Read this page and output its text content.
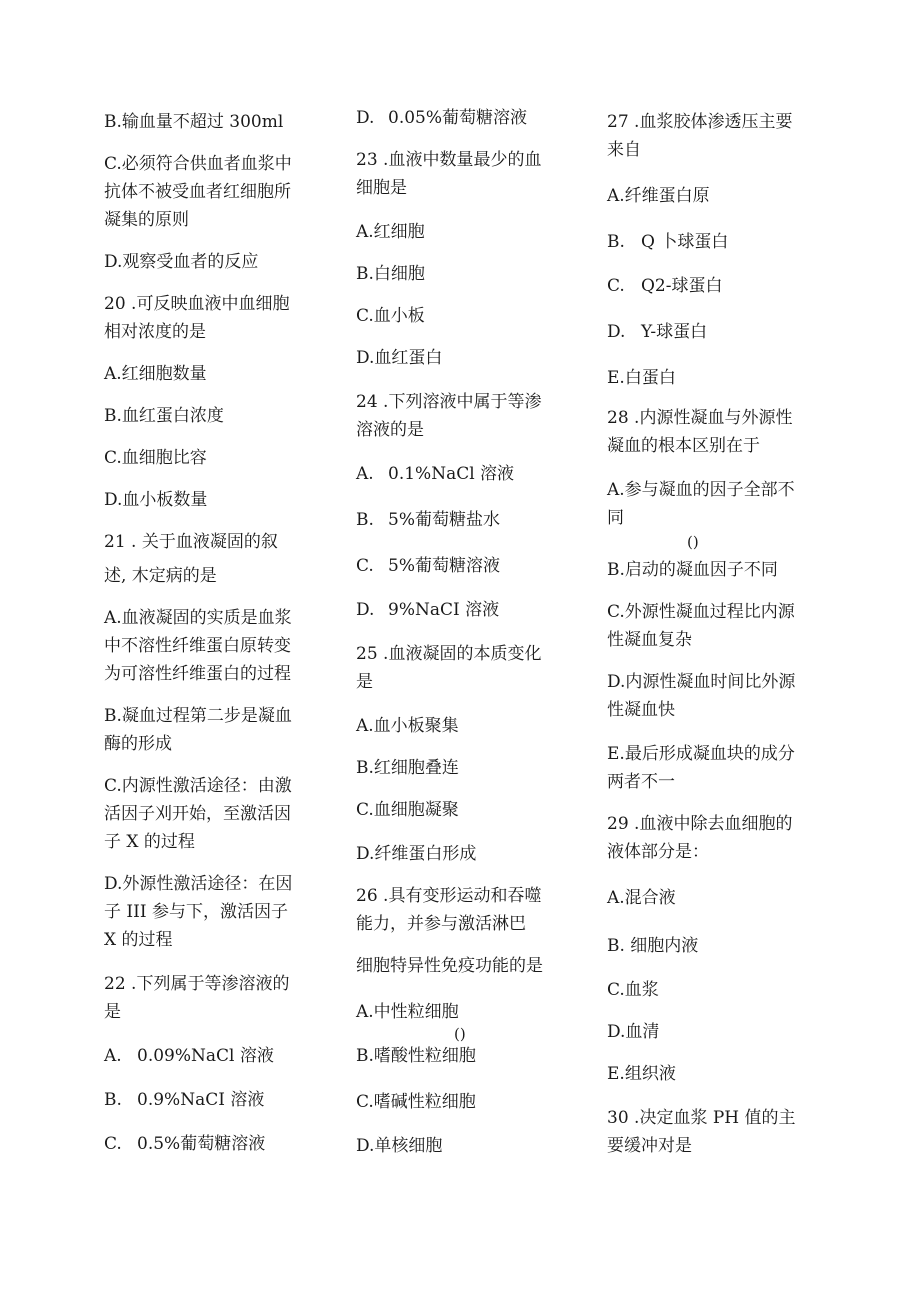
B.输血量不超过 300ml
C.必须符合供血者血浆中
抗体不被受血者红细胞所
凝集的原则
D.观察受血者的反应
20 .可反映血液中血细胞
相对浓度的是
A.红细胞数量
B.血红蛋白浓度
C.血细胞比容
D.血小板数量
21 . 关于血液凝固的叙
述, 木定病的是
A.血液凝固的实质是血浆
中不溶性纤维蛋白原转变
为可溶性纤维蛋白的过程
B.凝血过程第二步是凝血
酶的形成
C.内源性激活途径：由激
活因子刈开始，至激活因
子 X 的过程
D.外源性激活途径：在因
子 III 参与下，激活因子
X 的过程
22 .下列属于等渗溶液的
是
A. 0.09%NaCl 溶液
B. 0.9%NaCI 溶液
C. 0.5%葡萄糖溶液
D. 0.05%葡萄糖溶液
23 .血液中数量最少的血
细胞是
A.红细胞
B.白细胞
C.血小板
D.血红蛋白
24 .下列溶液中属于等渗
溶液的是
A. 0.1%NaCl 溶液
B. 5%葡萄糖盐水
C. 5%葡萄糖溶液
D. 9%NaCI 溶液
25 .血液凝固的本质变化
是
A.血小板聚集
B.红细胞叠连
C.血细胞凝聚
D.纤维蛋白形成
26 .具有变形运动和吞噬
能力，并参与激活淋巴
细胞特异性免疫功能的是
A.中性粒细胞
B.嗜酸性粒细胞
C.嗜碱性粒细胞
D.单核细胞
()
27 .血浆胶体渗透压主要
来自
A.纤维蛋白原
B. Q 卜球蛋白
C. Q2-球蛋白
D. Y-球蛋白
E.白蛋白
28 .内源性凝血与外源性
凝血的根本区别在于
A.参与凝血的因子全部不
同
B.启动的凝血因子不同
C.外源性凝血过程比内源
性凝血复杂
D.内源性凝血时间比外源
性凝血快
E.最后形成凝血块的成分
两者不一
29 .血液中除去血细胞的
液体部分是：
A.混合液
B. 细胞内液
C.血浆
D.血清
E.组织液
30 .决定血浆 PH 值的主
要缓冲对是
()
